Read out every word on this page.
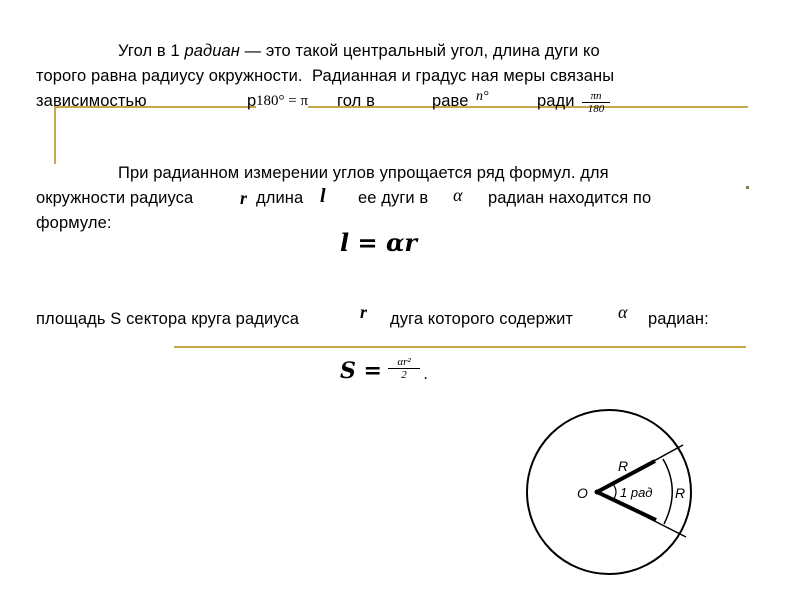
Угол в 1 радиан — это такой центральный угол, длина дуги ко
торого равна радиусу окружности.  Радианная и градус ная меры связаны
зависимостью	р 180° = π гол в	раве n°	ради $\frac{\pi n}{180}$
При радианном измерении углов упрощается ряд формул. для
окружности радиуса	r длина l ее дуги в α радиан находится по
формуле:
l = αr
площадь S сектора круга радиуса	r дуга которого содержит α радиан:
$S = \frac{\text{αr²}}{2}$ .
O
R
1 рад R
